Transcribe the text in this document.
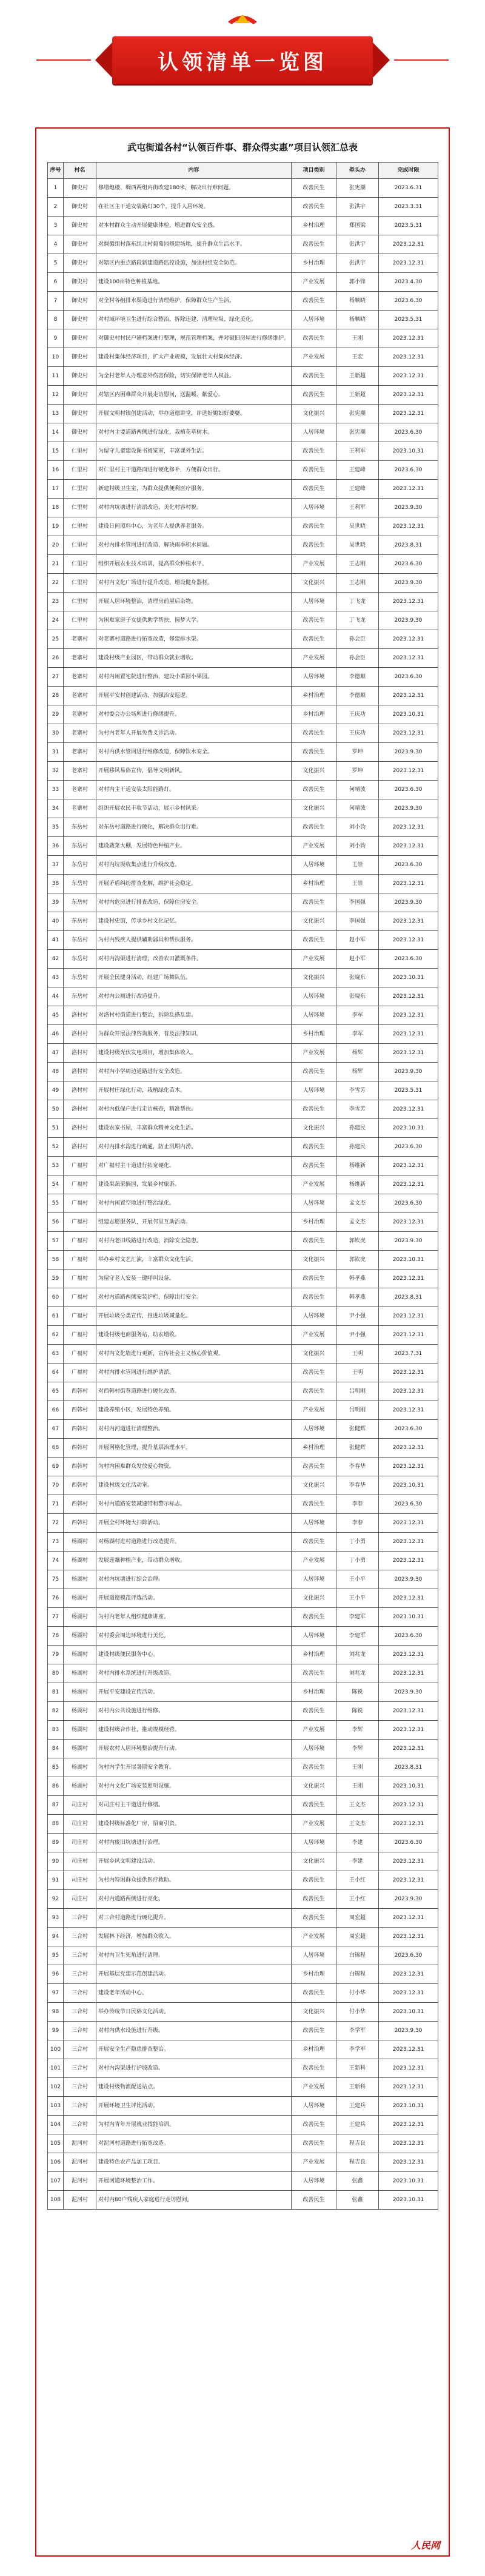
认领清单一览图
武屯街道各村“认领百件事、群众得实惠”项目认领汇总表
序号	村名	内容	项目类别	牵头办	完成时限
1	御史村	修缮炮楼、绸西两组内街改建180米，解决出行难问题。	改善民生	张宪潮	2023.6.31
2	御史村	在社区主干道安装路灯30个，提升人居环境。	改善民生	张洪宇	2023.3.31
3	御史村	对本村群众主动开展健康体检，增进群众安全感。	乡村治理	郑国梁	2023.5.31
4	御史村	对绸循组村落东组北村葡萄园修建场地，提升群众生活水平。	改善民生	张洪宇	2023.12.31
5	御史村	对辖区内重点路段新建道路监控设施，加强村组安全防范。	乡村治理	张洪宇	2023.12.31
6	御史村	建设100亩特色种植基地。	产业发展	郭小锋	2023.4.30
7	御史村	对全村各组排水渠道进行清理维护，保障群众生产生活。	改善民生	杨顺晓	2023.6.30
8	御史村	对村域环境卫生进行综合整治，拆除违建、清理垃圾、绿化美化。	人居环境	杨顺晓	2023.5.31
9	御史村	对御史村村民户籍档案进行整理，规范管理档案，并对破旧房屋进行修缮维护。	改善民生	王刚	2023.12.31
10	御史村	建设村集体经济项目，扩大产业规模，发展壮大村集体经济。	产业发展	王宏	2023.12.31
11	御史村	为全村老年人办理意外伤害保险，切实保障老年人权益。	改善民生	王新超	2023.12.31
12	御史村	对辖区内困难群众开展走访慰问，送温暖、献爱心。	改善民生	王新超	2023.12.31
13	御史村	开展文明村镇创建活动，举办道德讲堂，评选好媳妇好婆婆。	文化振兴	张宪潮	2023.12.31
14	御史村	对村内主要道路两侧进行绿化，栽植花草树木。	人居环境	张宪潮	2023.6.30
15	仁里村	为留守儿童建设图书阅览室，丰富课外生活。	改善民生	王利军	2023.10.31
16	仁里村	对仁里村主干道路面进行硬化修补，方便群众出行。	改善民生	王建峰	2023.6.30
17	仁里村	新建村级卫生室，为群众提供便利医疗服务。	改善民生	王建峰	2023.12.31
18	仁里村	对村内坑塘进行清淤改造，美化村容村貌。	人居环境	王利军	2023.9.30
19	仁里村	建设日间照料中心，为老年人提供养老服务。	改善民生	吴世晓	2023.12.31
20	仁里村	对村内排水管网进行改造，解决雨季积水问题。	改善民生	吴世晓	2023.8.31
21	仁里村	组织开展农业技术培训，提高群众种植水平。	产业发展	王志刚	2023.6.30
22	仁里村	对村内文化广场进行提升改造，增设健身器材。	文化振兴	王志刚	2023.9.30
23	仁里村	开展人居环境整治，清理房前屋后杂物。	人居环境	丁飞龙	2023.12.31
24	仁里村	为困难家庭子女提供助学帮扶，圆梦大学。	改善民生	丁飞龙	2023.9.30
25	老寨村	对老寨村道路进行拓宽改造，修建排水渠。	改善民生	孙会臣	2023.12.31
26	老寨村	建设村级产业园区，带动群众就业增收。	产业发展	孙会臣	2023.12.31
27	老寨村	对村内闲置宅院进行整治，建设小菜园小果园。	人居环境	李德顺	2023.6.30
28	老寨村	开展平安村创建活动，加强治安巡逻。	乡村治理	李德顺	2023.12.31
29	老寨村	对村委会办公场所进行修缮提升。	乡村治理	王庆功	2023.10.31
30	老寨村	为村内老年人开展免费义诊活动。	改善民生	王庆功	2023.12.31
31	老寨村	对村内供水管网进行维修改造，保障饮水安全。	改善民生	罗坤	2023.9.30
32	老寨村	开展移风易俗宣传，倡导文明新风。	文化振兴	罗坤	2023.12.31
33	老寨村	对村内主干道安装太阳能路灯。	改善民生	何晴波	2023.6.30
34	老寨村	组织开展农民丰收节活动，展示乡村风采。	文化振兴	何晴波	2023.9.30
35	东岳村	对东岳村道路进行硬化，解决群众出行难。	改善民生	刘小钧	2023.12.31
36	东岳村	建设蔬菜大棚，发展特色种植产业。	产业发展	刘小钧	2023.12.31
37	东岳村	对村内垃圾收集点进行升级改造。	人居环境	王崇	2023.6.30
38	东岳村	开展矛盾纠纷排查化解，维护社会稳定。	乡村治理	王崇	2023.12.31
39	东岳村	对村内危房进行排查改造，保障住房安全。	改善民生	李国强	2023.9.30
40	东岳村	建设村史馆，传承乡村文化记忆。	文化振兴	李国强	2023.12.31
41	东岳村	为村内残疾人提供辅助器具和帮扶服务。	改善民生	赵小军	2023.12.31
42	东岳村	对村内沟渠进行清理，改善农田灌溉条件。	产业发展	赵小军	2023.6.30
43	东岳村	开展全民健身活动，组建广场舞队伍。	文化振兴	张晓东	2023.10.31
44	东岳村	对村内公厕进行改造提升。	人居环境	张晓东	2023.12.31
45	洛村村	对洛村村街道进行整治，拆除乱搭乱建。	人居环境	李军	2023.12.31
46	洛村村	为群众开展法律咨询服务，普及法律知识。	乡村治理	李军	2023.12.31
47	洛村村	建设村级光伏发电项目，增加集体收入。	产业发展	杨辉	2023.12.31
48	洛村村	对村内小学周边道路进行安全改造。	改善民生	杨辉	2023.9.30
49	洛村村	开展村庄绿化行动，栽植绿化苗木。	人居环境	李雪芳	2023.5.31
50	洛村村	对村内低保户进行走访核查，精准帮扶。	改善民生	李雪芳	2023.12.31
51	洛村村	建设农家书屋，丰富群众精神文化生活。	文化振兴	孙建民	2023.10.31
52	洛村村	对村内排水沟进行疏通，防止汛期内涝。	改善民生	孙建民	2023.6.30
53	广福村	对广福村主干道进行拓宽硬化。	改善民生	杨维新	2023.12.31
54	广福村	建设果蔬采摘园，发展乡村旅游。	产业发展	杨维新	2023.12.31
55	广福村	对村内闲置空地进行整治绿化。	人居环境	孟文杰	2023.6.30
56	广福村	组建志愿服务队，开展邻里互助活动。	乡村治理	孟文杰	2023.12.31
57	广福村	对村内老旧线路进行改造，消除安全隐患。	改善民生	郭钦虎	2023.9.30
58	广福村	举办乡村文艺汇演，丰富群众文化生活。	文化振兴	郭钦虎	2023.10.31
59	广福村	为留守老人安装一键呼叫设备。	改善民生	韩孝燕	2023.12.31
60	广福村	对村内道路两侧安装护栏，保障出行安全。	改善民生	韩孝燕	2023.8.31
61	广福村	开展垃圾分类宣传，推进垃圾减量化。	人居环境	尹小强	2023.12.31
62	广福村	建设村级电商服务站，助农增收。	产业发展	尹小强	2023.12.31
63	广福村	对村内文化墙进行更新，宣传社会主义核心价值观。	文化振兴	王明	2023.7.31
64	广福村	对村内排水管网进行维护清淤。	改善民生	王明	2023.12.31
65	西韩村	对西韩村街巷道路进行硬化改造。	改善民生	吕明刚	2023.12.31
66	西韩村	建设养殖小区，发展特色养殖。	产业发展	吕明刚	2023.12.31
67	西韩村	对村内河道进行清理整治。	人居环境	张健辉	2023.6.30
68	西韩村	开展网格化管理，提升基层治理水平。	乡村治理	张健辉	2023.12.31
69	西韩村	为村内困难群众发放爱心物资。	改善民生	李春华	2023.12.31
70	西韩村	建设村级文化活动室。	文化振兴	李春华	2023.10.31
71	西韩村	对村内道路安装减速带和警示标志。	改善民生	李春	2023.6.30
72	西韩村	开展全村环境大扫除活动。	人居环境	李春	2023.12.31
73	杨湖村	对杨湖村进村道路进行改造提升。	改善民生	丁小勇	2023.12.31
74	杨湖村	发展莲藕种植产业，带动群众增收。	产业发展	丁小勇	2023.12.31
75	杨湖村	对村内坑塘进行综合治理。	人居环境	王小平	2023.9.30
76	杨湖村	开展道德模范评选活动。	文化振兴	王小平	2023.12.31
77	杨湖村	为村内老年人组织健康讲座。	改善民生	李建军	2023.10.31
78	杨湖村	对村委会周边环境进行美化。	人居环境	李建军	2023.6.30
79	杨湖村	建设村级便民服务中心。	乡村治理	刘兆龙	2023.12.31
80	杨湖村	对村内排水系统进行升级改造。	改善民生	刘兆龙	2023.12.31
81	杨湖村	开展平安建设宣传活动。	乡村治理	陈锐	2023.9.30
82	杨湖村	对村内公共设施进行维修。	改善民生	陈锐	2023.12.31
83	杨湖村	建设村级合作社，推动规模经营。	产业发展	李辉	2023.12.31
84	杨湖村	开展农村人居环境整治提升行动。	人居环境	李辉	2023.12.31
85	杨湖村	为村内学生开展暑期安全教育。	改善民生	王刚	2023.8.31
86	杨湖村	对村内文化广场安装照明设施。	文化振兴	王刚	2023.10.31
87	司庄村	对司庄村主干道进行修缮。	改善民生	王文杰	2023.12.31
88	司庄村	建设村级标准化厂房，招商引资。	产业发展	王文杰	2023.12.31
89	司庄村	对村内废旧坑塘进行治理。	人居环境	李建	2023.6.30
90	司庄村	开展乡风文明建设活动。	文化振兴	李建	2023.12.31
91	司庄村	为村内特困群众提供医疗救助。	改善民生	王小红	2023.12.31
92	司庄村	对村内道路两侧进行亮化。	改善民生	王小红	2023.9.30
93	三合村	对三合村道路进行硬化提升。	改善民生	周宏超	2023.12.31
94	三合村	发展林下经济，增加群众收入。	产业发展	周宏超	2023.12.31
95	三合村	对村内卫生死角进行清理。	人居环境	白锦程	2023.6.30
96	三合村	开展基层党建示范创建活动。	乡村治理	白锦程	2023.12.31
97	三合村	建设老年活动中心。	改善民生	付小华	2023.12.31
98	三合村	举办传统节日民俗文化活动。	文化振兴	付小华	2023.10.31
99	三合村	对村内供水设施进行升级。	改善民生	李学军	2023.9.30
100	三合村	开展安全生产隐患排查整治。	乡村治理	李学军	2023.12.31
101	三合村	对村内沟渠进行护坡改造。	改善民生	王新科	2023.12.31
102	三合村	建设村级物流配送站点。	产业发展	王新科	2023.12.31
103	三合村	开展环境卫生评比活动。	人居环境	王建兵	2023.10.31
104	三合村	为村内青年开展就业技能培训。	改善民生	王建兵	2023.12.31
105	泥河村	对泥河村道路进行拓宽改造。	改善民生	程吉良	2023.12.31
106	泥河村	建设特色农产品加工项目。	产业发展	程吉良	2023.12.31
107	泥河村	开展河道环境整治工作。	人居环境	张鑫	2023.10.31
108	泥河村	对村内80户残疾人家庭进行走访慰问。	改善民生	张鑫	2023.10.31
人民网
